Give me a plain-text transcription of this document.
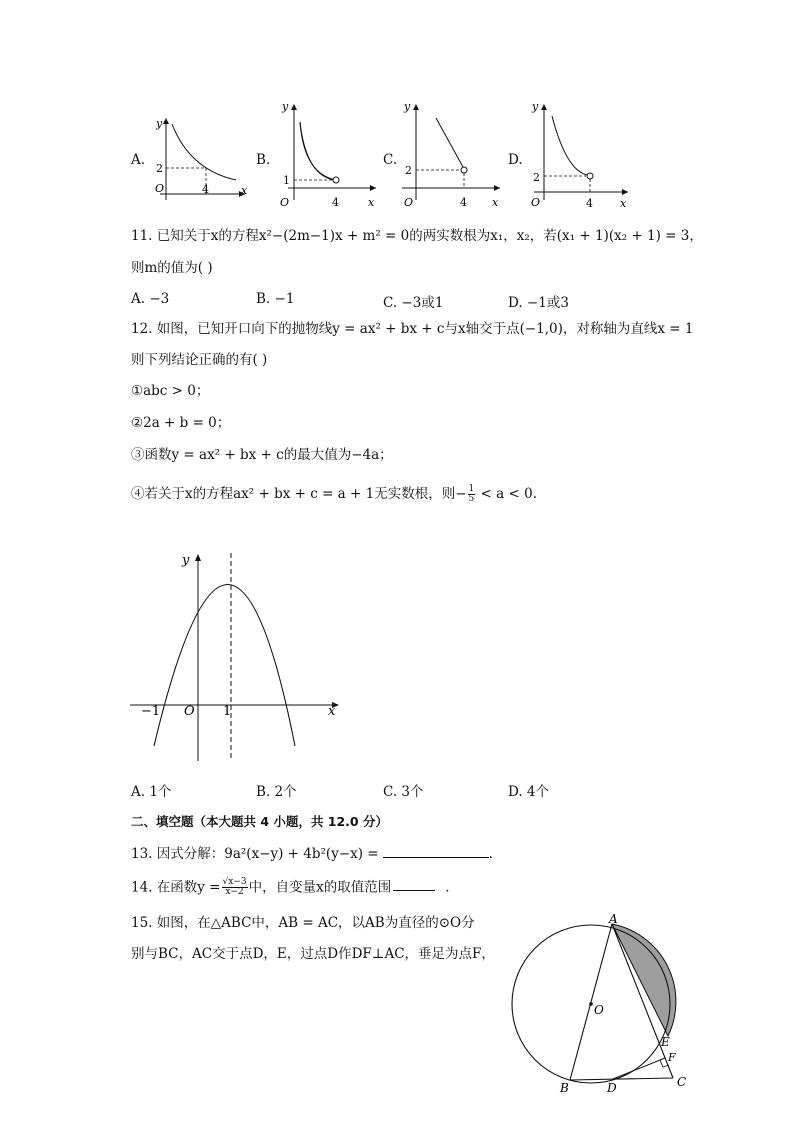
A.
y
2
4
O	x
B.
y
1
4
O	x
C.
y
2
4
O	x
D.
y
2
4
O	x
11. 已知关于x的方程x²−(2m−1)x + m² = 0的两实数根为x₁，x₂，若(x₁ + 1)(x₂ + 1) = 3，
则m的值为( )
A. −3	B. −1	C. −3或1	D. −1或3
12. 如图，已知开口向下的抛物线y = ax² + bx + c与x轴交于点(−1,0)，对称轴为直线x = 1
则下列结论正确的有( )
①abc > 0；
②2a + b = 0；
③函数y = ax² + bx + c的最大值为−4a；
④若关于x的方程ax² + bx + c = a + 1无实数根，则− $\frac{1}{5} < a < 0$.
y
x
O
−1	1
A. 1个	B. 2个	C. 3个	D. 4个
二、填空题（本大题共 4 小题，共 12.0 分）
13. 因式分解：9a²(x−y) + 4b²(y−x) =	.
14. 在函数$y = \frac{√x-3}{x-2}$ 中，自变量x的取值范围	.
15. 如图，在△ABC中，AB = AC，以AB为直径的⊙O分
别与BC，AC交于点D，E，过点D作DF⊥AC，垂足为点F，
A
O
E
F
B	D	C
